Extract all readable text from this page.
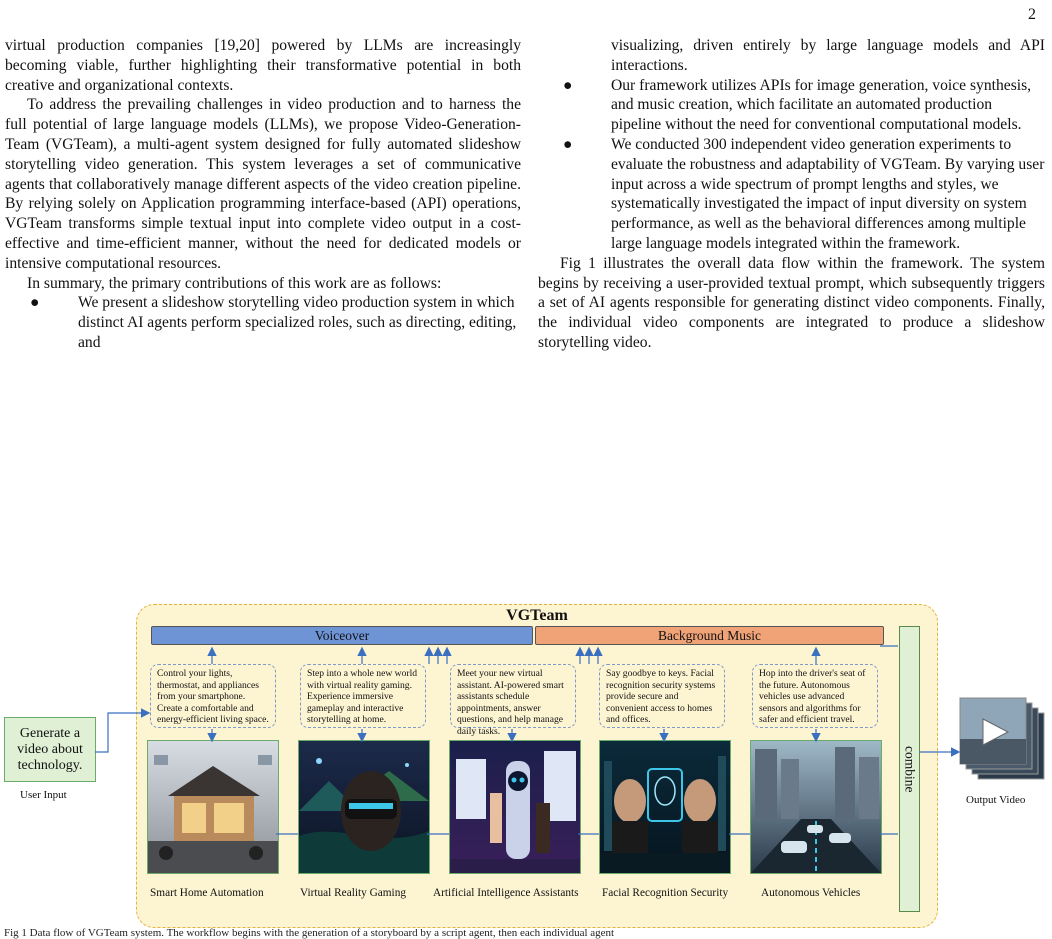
2

virtual production companies [19,20] powered by LLMs are increasingly becoming viable, further highlighting their transformative potential in both creative and organizational contexts.

To address the prevailing challenges in video production and to harness the full potential of large language models (LLMs), we propose Video-Generation-Team (VGTeam), a multi-agent system designed for fully automated slideshow storytelling video generation. This system leverages a set of communicative agents that collaboratively manage different aspects of the video creation pipeline. By relying solely on Application programming interface-based (API) operations, VGTeam transforms simple textual input into complete video output in a cost-effective and time-efficient manner, without the need for dedicated models or intensive computational resources.

In summary, the primary contributions of this work are as follows:

● We present a slideshow storytelling video production system in which distinct AI agents perform specialized roles, such as directing, editing, and

visualizing, driven entirely by large language models and API interactions.

● Our framework utilizes APIs for image generation, voice synthesis, and music creation, which facilitate an automated production pipeline without the need for conventional computational models.
● We conducted 300 independent video generation experiments to evaluate the robustness and adaptability of VGTeam. By varying user input across a wide spectrum of prompt lengths and styles, we systematically investigated the impact of input diversity on system performance, as well as the behavioral differences among multiple large language models integrated within the framework.

Fig 1 illustrates the overall data flow within the framework. The system begins by receiving a user-provided textual prompt, which subsequently triggers a set of AI agents responsible for generating distinct video components. Finally, the individual video components are integrated to produce a slideshow storytelling video.

VGTeam
Voiceover	Background Music
combine
Control your lights, thermostat, and appliances from your smartphone. Create a comfortable and energy-efficient living space.
Step into a whole new world with virtual reality gaming. Experience immersive gameplay and interactive storytelling at home.
Meet your new virtual assistant. AI-powered smart assistants schedule appointments, answer questions, and help manage daily tasks.
Say goodbye to keys. Facial recognition security systems provide secure and convenient access to homes and offices.
Hop into the driver's seat of the future. Autonomous vehicles use advanced sensors and algorithms for safer and efficient travel.
Smart Home Automation	Virtual Reality Gaming Artificial Intelligence Assistants Facial Recognition Security	Autonomous Vehicles
Generate a video about technology.
User Input	Output Video
Fig 1 Data flow of VGTeam system. The workflow begins with the generation of a storyboard by a script agent, then each individual agent
